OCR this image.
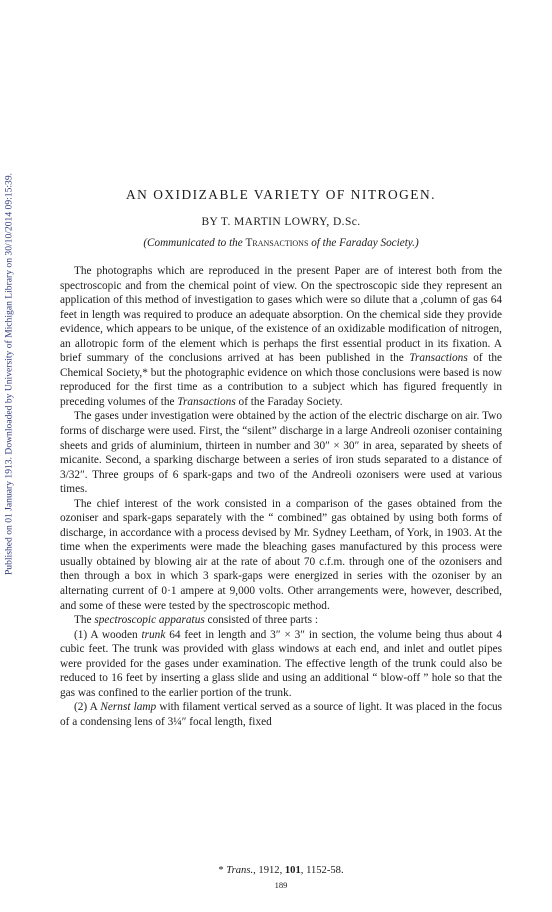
Published on 01 January 1913. Downloaded by University of Michigan Library on 30/10/2014 09:15:39.	AN OXIDIZABLE VARIETY OF NITROGEN.
BY T. MARTIN LOWRY, D.Sc.
(Communicated to the Transactions of the Faraday Society.)

The photographs which are reproduced in the present Paper are of interest both from the spectroscopic and from the chemical point of view. On the spectroscopic side they represent an application of this method of investigation to gases which were so dilute that a ,column of gas 64 feet in length was required to produce an adequate absorption. On the chemical side they provide evidence, which appears to be unique, of the existence of an oxidizable modification of nitrogen, an allotropic form of the element which is perhaps the first essential product in its fixation. A brief summary of the conclusions arrived at has been published in the Transactions of the Chemical Society,* but the photographic evidence on which those conclusions were based is now reproduced for the first time as a contribution to a subject which has figured frequently in preceding volumes of the Transactions of the Faraday Society.

The gases under investigation were obtained by the action of the electric discharge on air. Two forms of discharge were used. First, the “silent” discharge in a large Andreoli ozoniser containing sheets and grids of aluminium, thirteen in number and 30″ × 30″ in area, separated by sheets of micanite. Second, a sparking discharge between a series of iron studs separated to a distance of 3/32″. Three groups of 6 spark-gaps and two of the Andreoli ozonisers were used at various times.

The chief interest of the work consisted in a comparison of the gases obtained from the ozoniser and spark-gaps separately with the “ combined” gas obtained by using both forms of discharge, in accordance with a process devised by Mr. Sydney Leetham, of York, in 1903. At the time when the experiments were made the bleaching gases manufactured by this process were usually obtained by blowing air at the rate of about 70 c.f.m. through one of the ozonisers and then through a box in which 3 spark-gaps were energized in series with the ozoniser by an alternating current of 0·1 ampere at 9,000 volts. Other arrangements were, however, described, and some of these were tested by the spectroscopic method.

The spectroscopic apparatus consisted of three parts :

(1) A wooden trunk 64 feet in length and 3″ × 3″ in section, the volume being thus about 4 cubic feet. The trunk was provided with glass windows at each end, and inlet and outlet pipes were provided for the gases under examination. The effective length of the trunk could also be reduced to 16 feet by inserting a glass slide and using an additional “ blow-off ” hole so that the gas was confined to the earlier portion of the trunk.

(2) A Nernst lamp with filament vertical served as a source of light. It was placed in the focus of a condensing lens of 3¼″ focal length, fixed

* Trans., 1912, 101, 1152-58.
189
